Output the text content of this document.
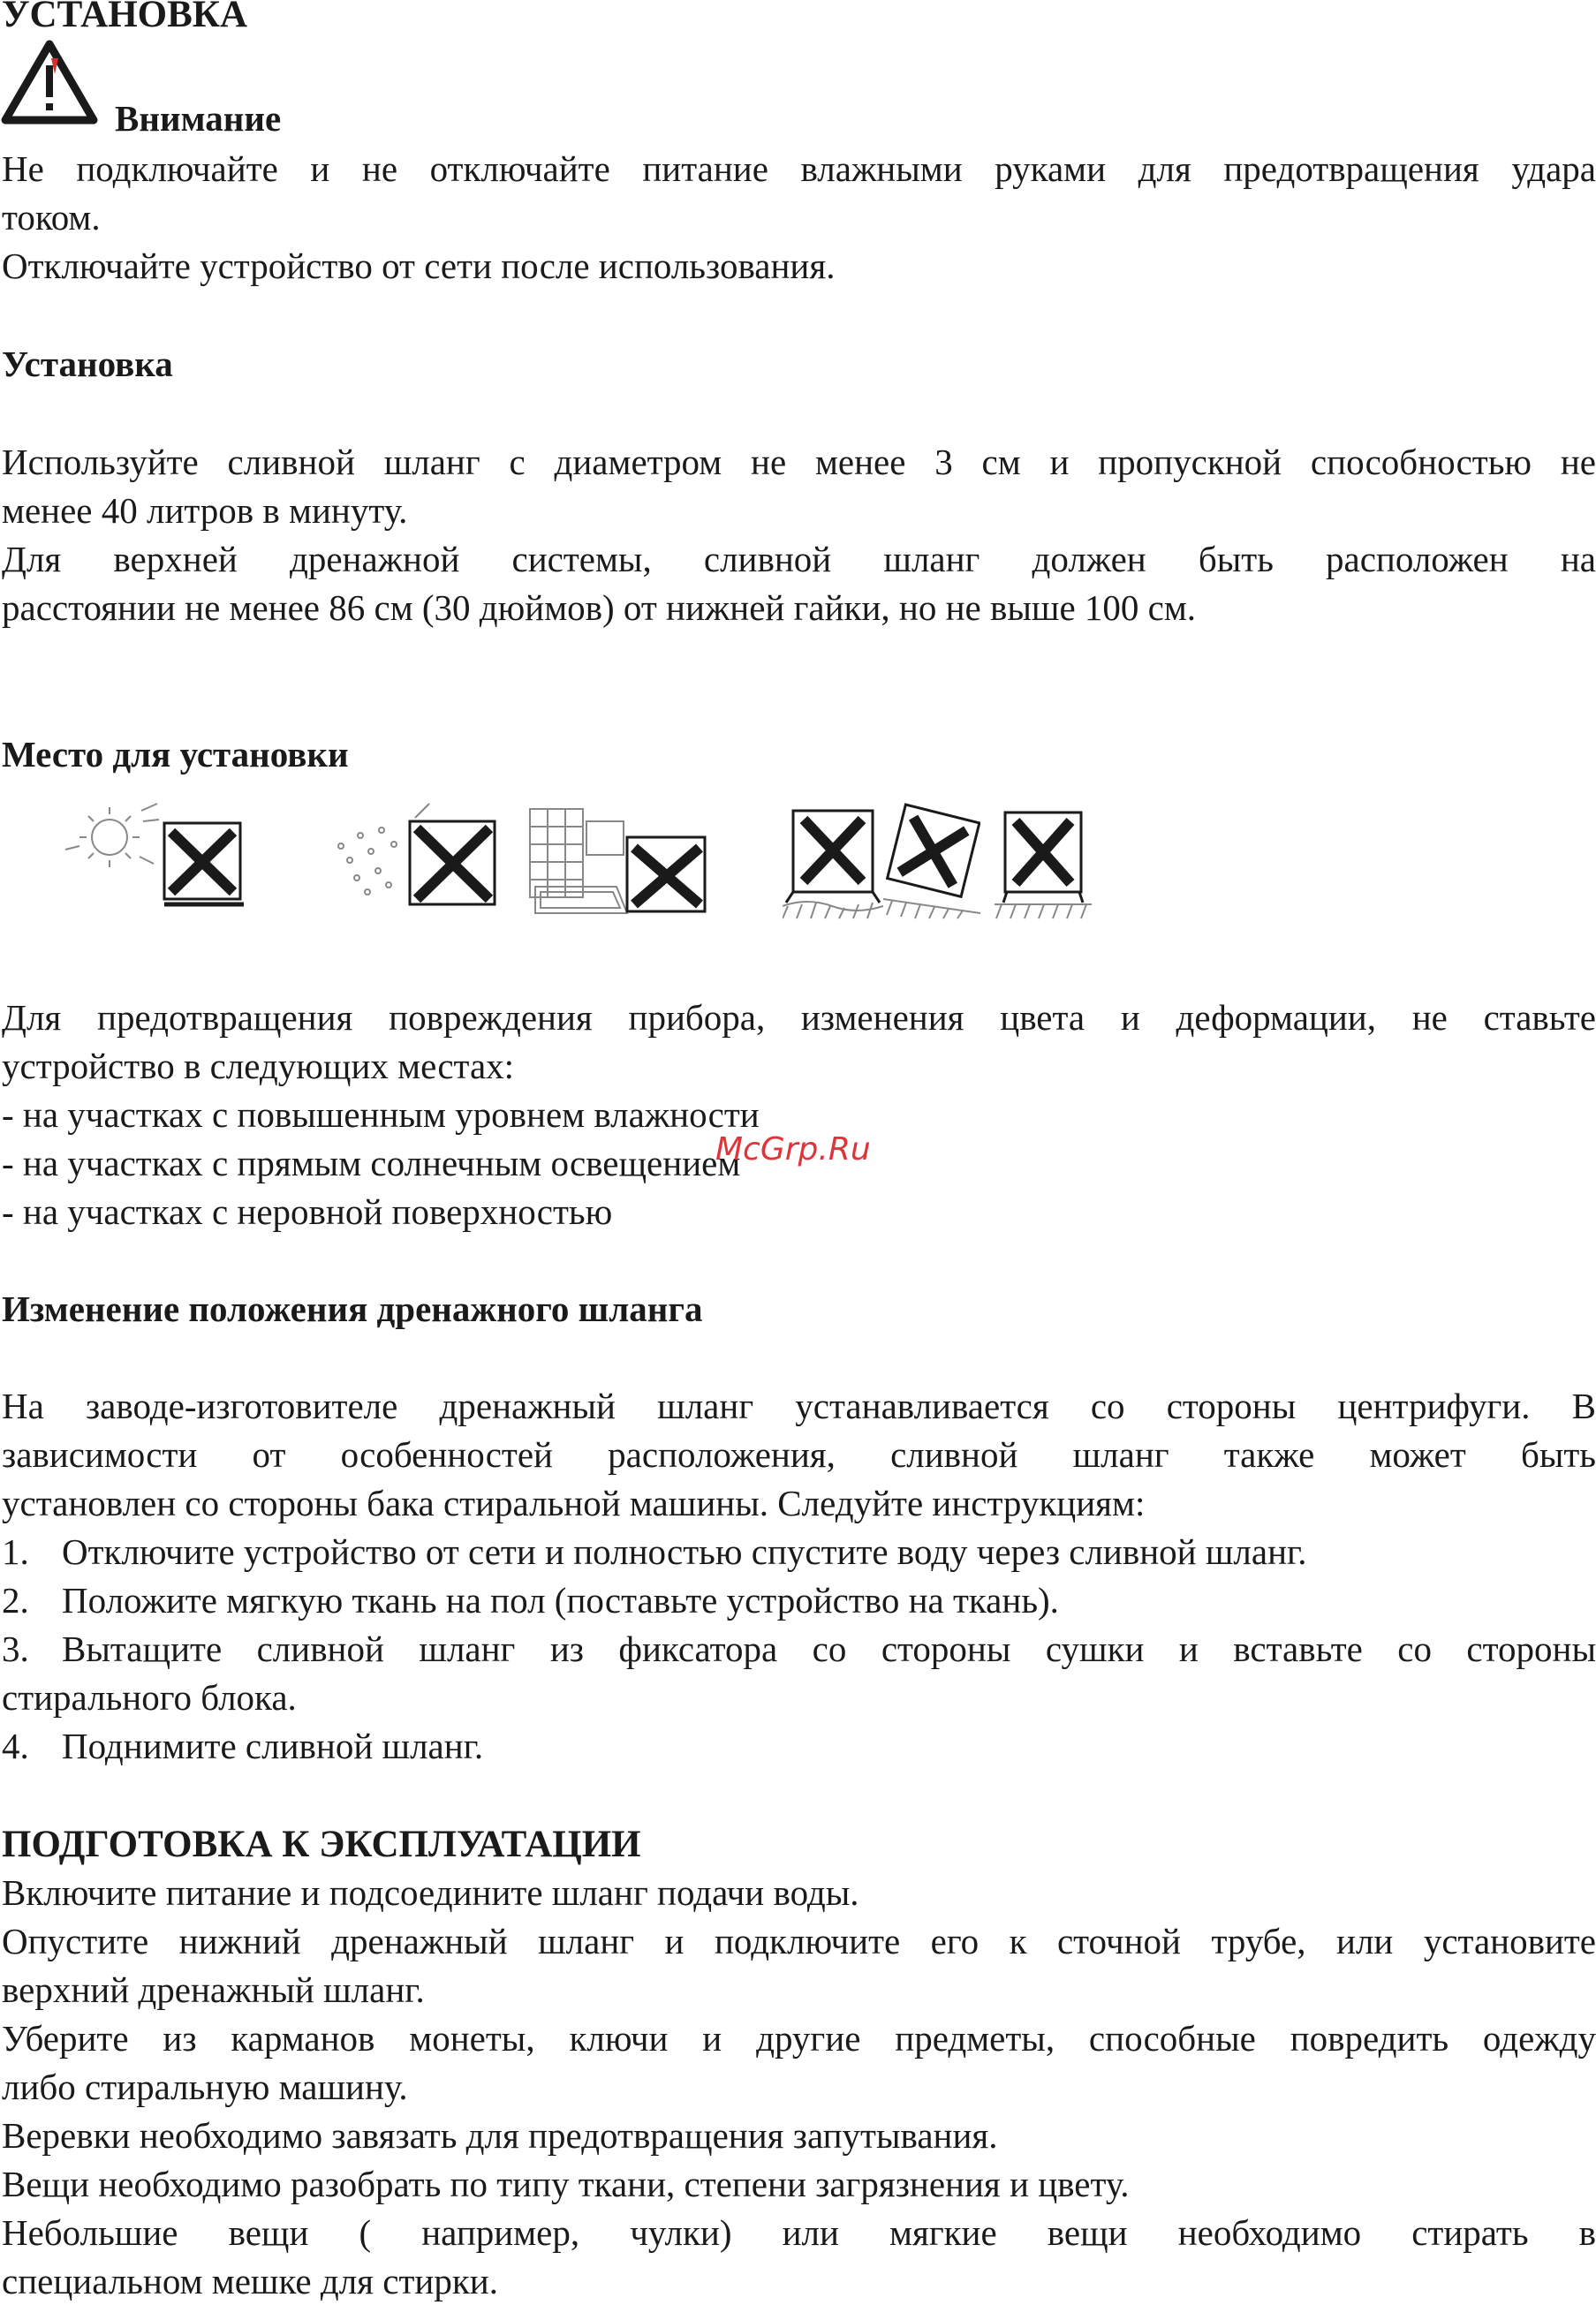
УСТАНОВКА
Внимание
Не подключайте и не отключайте питание влажными руками для предотвращения удара
током.
Отключайте устройство от сети после использования.
Установка
Используйте сливной шланг с диаметром не менее 3 см и пропускной способностью не
менее 40 литров в минуту.
Для верхней дренажной системы, сливной шланг должен быть расположен на
расстоянии не менее 86 см (30 дюймов) от нижней гайки, но не выше 100 см.
Место для установки
Для предотвращения повреждения прибора, изменения цвета и деформации, не ставьте
устройство в следующих местах:
- на участках с повышенным уровнем влажности
- на участках с прямым солнечным освещением
- на участках с неровной поверхностью
McGrp.Ru
Изменение положения дренажного шланга
На заводе-изготовителе дренажный шланг устанавливается со стороны центрифуги. В
зависимости от особенностей расположения, сливной шланг также может быть
установлен со стороны бака стиральной машины. Следуйте инструкциям:
1. Отключите устройство от сети и полностью спустите воду через сливной шланг.
2. Положите мягкую ткань на пол (поставьте устройство на ткань).
3. Вытащите сливной шланг из фиксатора со стороны сушки и вставьте со стороны
стирального блока.
4. Поднимите сливной шланг.
ПОДГОТОВКА К ЭКСПЛУАТАЦИИ
Включите питание и подсоедините шланг подачи воды.
Опустите нижний дренажный шланг и подключите его к сточной трубе, или установите
верхний дренажный шланг.
Уберите из карманов монеты, ключи и другие предметы, способные повредить одежду
либо стиральную машину.
Веревки необходимо завязать для предотвращения запутывания.
Вещи необходимо разобрать по типу ткани, степени загрязнения и цвету.
Небольшие вещи ( например, чулки) или мягкие вещи необходимо стирать в
специальном мешке для стирки.
